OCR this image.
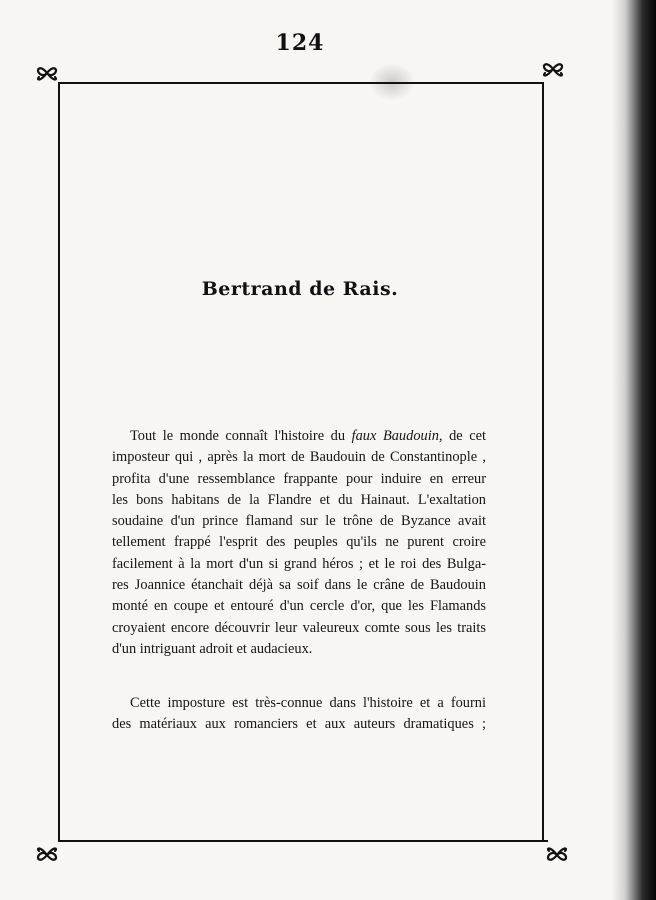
124
Bertrand de Rais.
Tout le monde connaît l'histoire du faux Baudouin, de cet
imposteur qui , après la mort de Baudouin de Constantinople ,
profita d'une ressemblance frappante pour induire en erreur
les bons habitans de la Flandre et du Hainaut. L'exaltation
soudaine d'un prince flamand sur le trône de Byzance avait
tellement frappé l'esprit des peuples qu'ils ne purent croire
facilement à la mort d'un si grand héros ; et le roi des Bulga-
res Joannice étanchait déjà sa soif dans le crâne de Baudouin
monté en coupe et entouré d'un cercle d'or, que les Flamands
croyaient encore découvrir leur valeureux comte sous les traits
d'un intriguant adroit et audacieux.
Cette imposture est très-connue dans l'histoire et a fourni
des matériaux aux romanciers et aux auteurs dramatiques ;
